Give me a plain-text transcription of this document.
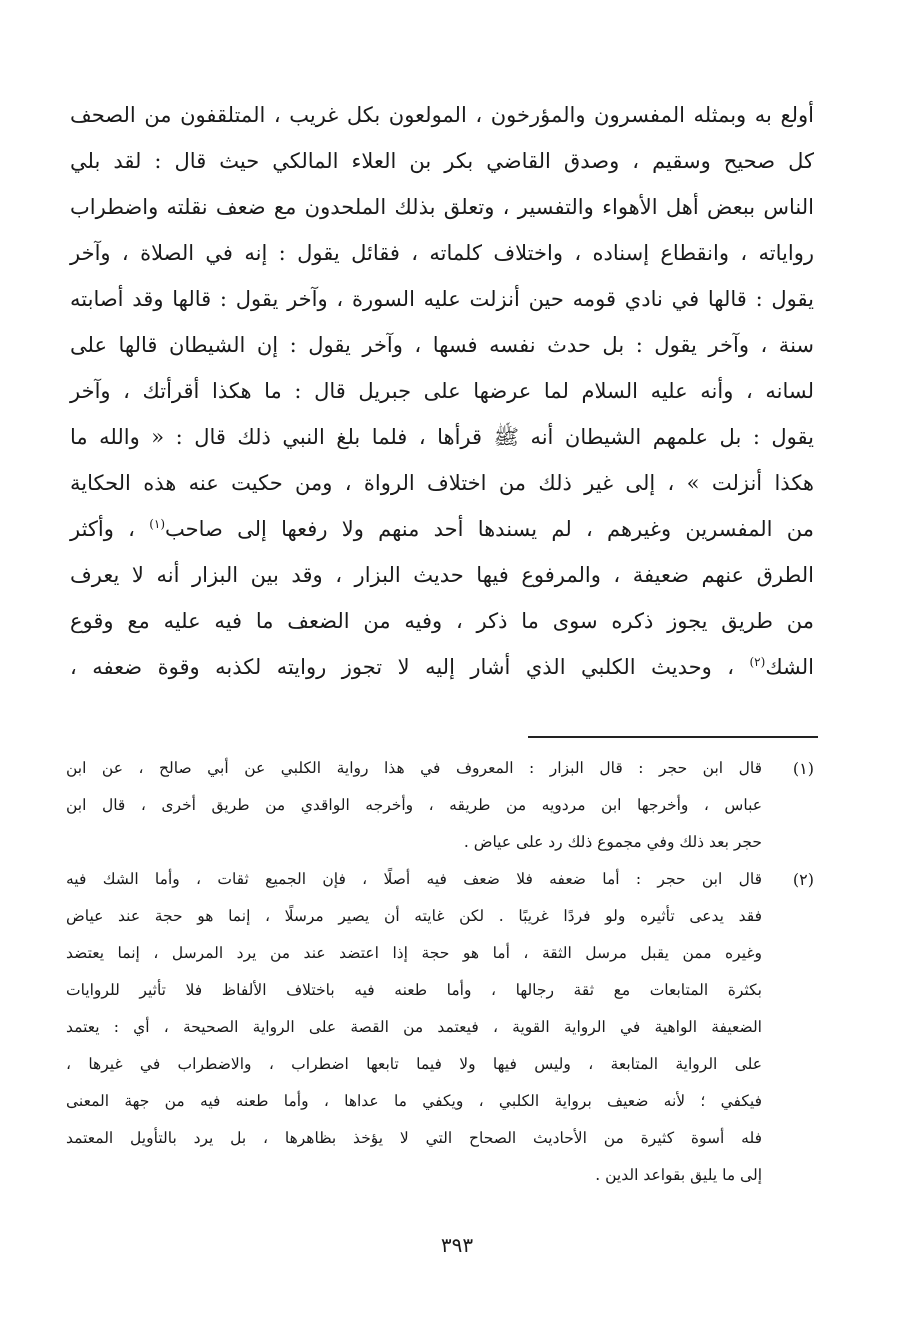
أولع به وبمثله المفسرون والمؤرخون ، المولعون بكل غريب ، المتلقفون من الصحف
كل صحيح وسقيم ، وصدق القاضي بكر بن العلاء المالكي حيث قال : لقد بلي
الناس ببعض أهل الأهواء والتفسير ، وتعلق بذلك الملحدون مع ضعف نقلته واضطراب
رواياته ، وانقطاع إسناده ، واختلاف كلماته ، فقائل يقول : إنه في الصلاة ، وآخر
يقول : قالها في نادي قومه حين أنزلت عليه السورة ، وآخر يقول : قالها وقد أصابته
سنة ، وآخر يقول : بل حدث نفسه فسها ، وآخر يقول : إن الشيطان قالها على
لسانه ، وأنه عليه السلام لما عرضها على جبريل قال : ما هكذا أقرأتك ، وآخر
يقول : بل علمهم الشيطان أنه ﷺ قرأها ، فلما بلغ النبي ذلك قال : « والله ما
هكذا أنزلت » ، إلى غير ذلك من اختلاف الرواة ، ومن حكيت عنه هذه الحكاية
من المفسرين وغيرهم ، لم يسندها أحد منهم ولا رفعها إلى صاحب$^{(١)}$ ، وأكثر
الطرق عنهم ضعيفة ، والمرفوع فيها حديث البزار ، وقد بين البزار أنه لا يعرف
من طريق يجوز ذكره سوى ما ذكر ، وفيه من الضعف ما فيه عليه مع وقوع
الشك$^{(٢)}$ ، وحديث الكلبي الذي أشار إليه لا تجوز روايته لكذبه وقوة ضعفه ،
(١)
قال ابن حجر : قال البزار : المعروف في هذا رواية الكلبي عن أبي صالح ، عن ابن
عباس ، وأخرجها ابن مردويه من طريقه ، وأخرجه الواقدي من طريق أخرى ، قال ابن
حجر بعد ذلك وفي مجموع ذلك رد على عياض .
(٢)
قال ابن حجر : أما ضعفه فلا ضعف فيه أصلًا ، فإن الجميع ثقات ، وأما الشك فيه
فقد يدعى تأثيره ولو فردًا غريبًا . لكن غايته أن يصير مرسلًا ، إنما هو حجة عند عياض
وغيره ممن يقبل مرسل الثقة ، أما هو حجة إذا اعتضد عند من يرد المرسل ، إنما يعتضد
بكثرة المتابعات مع ثقة رجالها ، وأما طعنه فيه باختلاف الألفاظ فلا تأثير للروايات
الضعيفة الواهية في الرواية القوية ، فيعتمد من القصة على الرواية الصحيحة ، أي : يعتمد
على الرواية المتابعة ، وليس فيها ولا فيما تابعها اضطراب ، والاضطراب في غيرها ،
فيكفي ؛ لأنه ضعيف برواية الكلبي ، ويكفي ما عداها ، وأما طعنه فيه من جهة المعنى
فله أسوة كثيرة من الأحاديث الصحاح التي لا يؤخذ بظاهرها ، بل يرد بالتأويل المعتمد
إلى ما يليق بقواعد الدين .
٣٩٣
